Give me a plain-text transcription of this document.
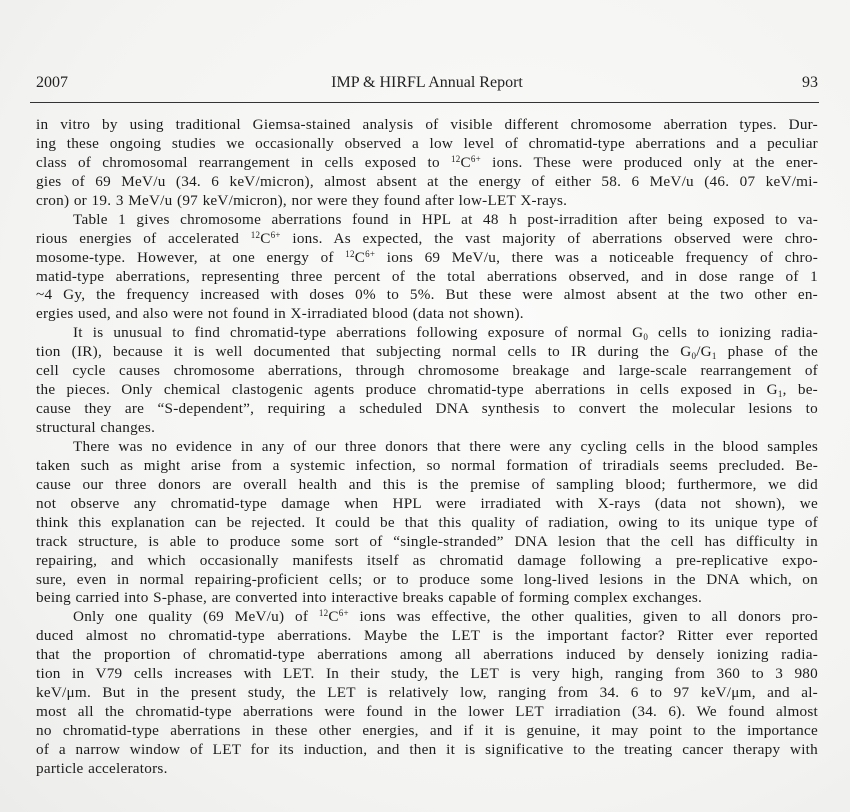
2007	IMP & HIRFL Annual Report	93
in vitro by using traditional Giemsa-stained analysis of visible different chromosome aberration types. Dur-
ing these ongoing studies we occasionally observed a low level of chromatid-type aberrations and a peculiar
class of chromosomal rearrangement in cells exposed to $^{12}C^{6+}$ ions. These were produced only at the ener-
gies of 69 MeV/u (34. 6 keV/micron), almost absent at the energy of either 58. 6 MeV/u (46. 07 keV/mi-
cron) or 19. 3 MeV/u (97 keV/micron), nor were they found after low-LET X-rays.
Table 1 gives chromosome aberrations found in HPL at 48 h post-irradition after being exposed to va-
rious energies of accelerated $^{12}C^{6+}$ ions. As expected, the vast majority of aberrations observed were chro-
mosome-type. However, at one energy of $^{12}C^{6+}$ ions 69 MeV/u, there was a noticeable frequency of chro-
matid-type aberrations, representing three percent of the total aberrations observed, and in dose range of 1
~4 Gy, the frequency increased with doses 0% to 5%. But these were almost absent at the two other en-
ergies used, and also were not found in X-irradiated blood (data not shown).
It is unusual to find chromatid-type aberrations following exposure of normal $G_0$ cells to ionizing radia-
tion (IR), because it is well documented that subjecting normal cells to IR during the $G_0/G_1$ phase of the
cell cycle causes chromosome aberrations, through chromosome breakage and large-scale rearrangement of
the pieces. Only chemical clastogenic agents produce chromatid-type aberrations in cells exposed in $G_1$, be-
cause they are “S-dependent”, requiring a scheduled DNA synthesis to convert the molecular lesions to
structural changes.
There was no evidence in any of our three donors that there were any cycling cells in the blood samples
taken such as might arise from a systemic infection, so normal formation of triradials seems precluded. Be-
cause our three donors are overall health and this is the premise of sampling blood; furthermore, we did
not observe any chromatid-type damage when HPL were irradiated with X-rays (data not shown), we
think this explanation can be rejected. It could be that this quality of radiation, owing to its unique type of
track structure, is able to produce some sort of “single-stranded” DNA lesion that the cell has difficulty in
repairing, and which occasionally manifests itself as chromatid damage following a pre-replicative expo-
sure, even in normal repairing-proficient cells; or to produce some long-lived lesions in the DNA which, on
being carried into S-phase, are converted into interactive breaks capable of forming complex exchanges.
Only one quality (69 MeV/u) of $^{12}C^{6+}$ ions was effective, the other qualities, given to all donors pro-
duced almost no chromatid-type aberrations. Maybe the LET is the important factor? Ritter ever reported
that the proportion of chromatid-type aberrations among all aberrations induced by densely ionizing radia-
tion in V79 cells increases with LET. In their study, the LET is very high, ranging from 360 to 3 980
keV/μm. But in the present study, the LET is relatively low, ranging from 34. 6 to 97 keV/μm, and al-
most all the chromatid-type aberrations were found in the lower LET irradiation (34. 6). We found almost
no chromatid-type aberrations in these other energies, and if it is genuine, it may point to the importance
of a narrow window of LET for its induction, and then it is significative to the treating cancer therapy with
particle accelerators.
